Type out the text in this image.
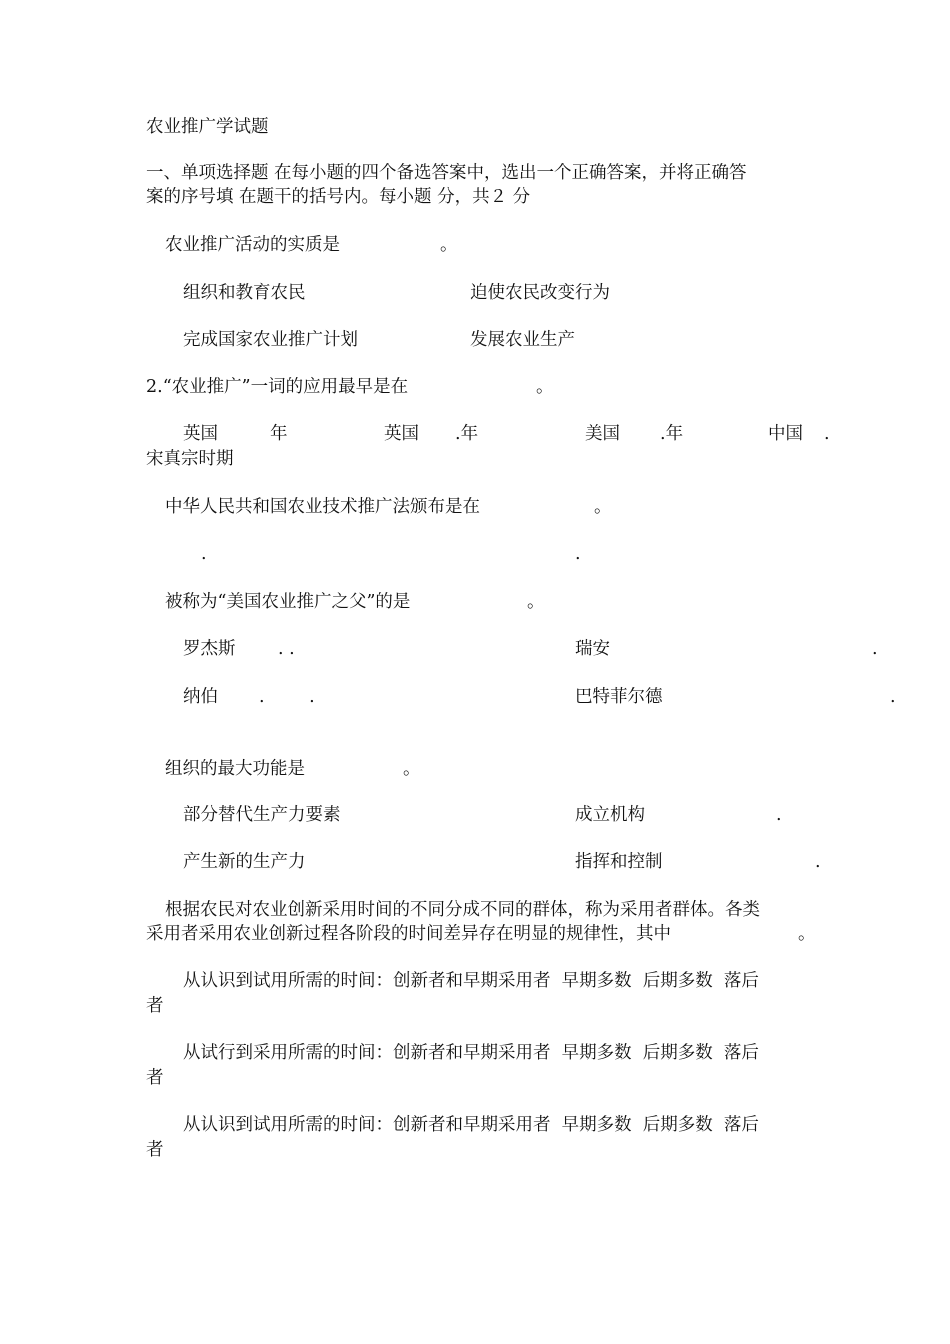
农业推广学试题
一、单项选择题 在每小题的四个备选答案中，选出一个正确答案，并将正确答
案的序号填 在题干的括号内。每小题 分，共２ 分
农业推广活动的实质是	。
组织和教育农民	迫使农民改变行为
完成国家农业推广计划	发展农业生产
2.“农业推广”一词的应用最早是在	。
英国	年	英国 .年	美国 .年	中国 .
宋真宗时期
中华人民共和国农业技术推广法颁布是在	。
.	.
被称为“美国农业推广之父”的是	。
罗杰斯 . .	瑞安	.
纳伯 .        .	巴特菲尔德	.
组织的最大功能是	。
部分替代生产力要素	成立机构	.
产生新的生产力	指挥和控制	.
根据农民对农业创新采用时间的不同分成不同的群体，称为采用者群体。各类
采用者采用农业创新过程各阶段的时间差异存在明显的规律性，其中	。
从认识到试用所需的时间：创新者和早期采用者  早期多数  后期多数  落后
者
从试行到采用所需的时间：创新者和早期采用者  早期多数  后期多数  落后
者
从认识到试用所需的时间：创新者和早期采用者  早期多数  后期多数  落后
者
